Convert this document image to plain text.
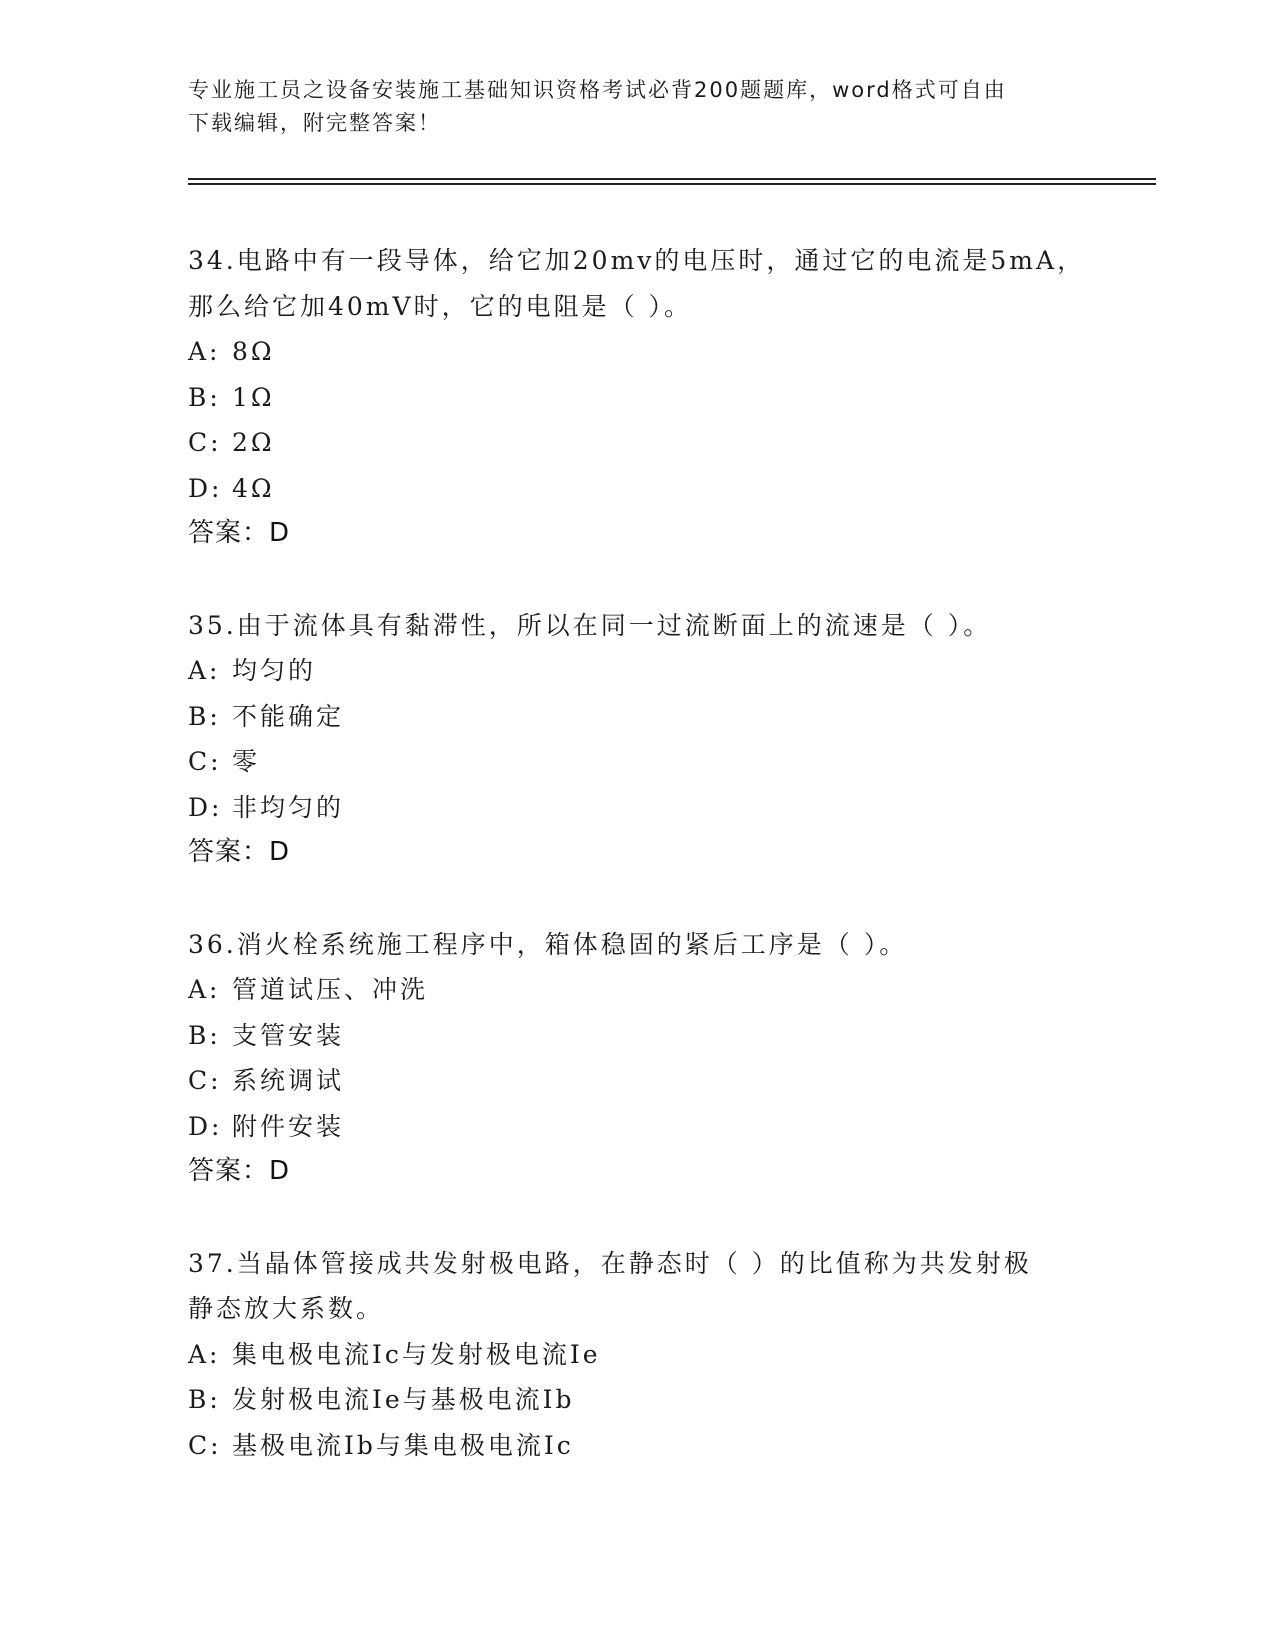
专业施工员之设备安装施工基础知识资格考试必背200题题库，word格式可自由
下载编辑，附完整答案！

34.电路中有一段导体，给它加20mv的电压时，通过它的电流是5mA，

那么给它加40mV时，它的电阻是（ ）。

A: 8Ω

B: 1Ω

C: 2Ω

D: 4Ω

答案：D

35.由于流体具有黏滞性，所以在同一过流断面上的流速是（ ）。

A: 均匀的

B: 不能确定

C: 零

D: 非均匀的

答案：D

36.消火栓系统施工程序中，箱体稳固的紧后工序是（ ）。

A: 管道试压、冲洗

B: 支管安装

C: 系统调试

D: 附件安装

答案：D

37.当晶体管接成共发射极电路，在静态时（ ）的比值称为共发射极

静态放大系数。

A: 集电极电流Ic与发射极电流Ie

B: 发射极电流Ie与基极电流Ib

C: 基极电流Ib与集电极电流Ic
